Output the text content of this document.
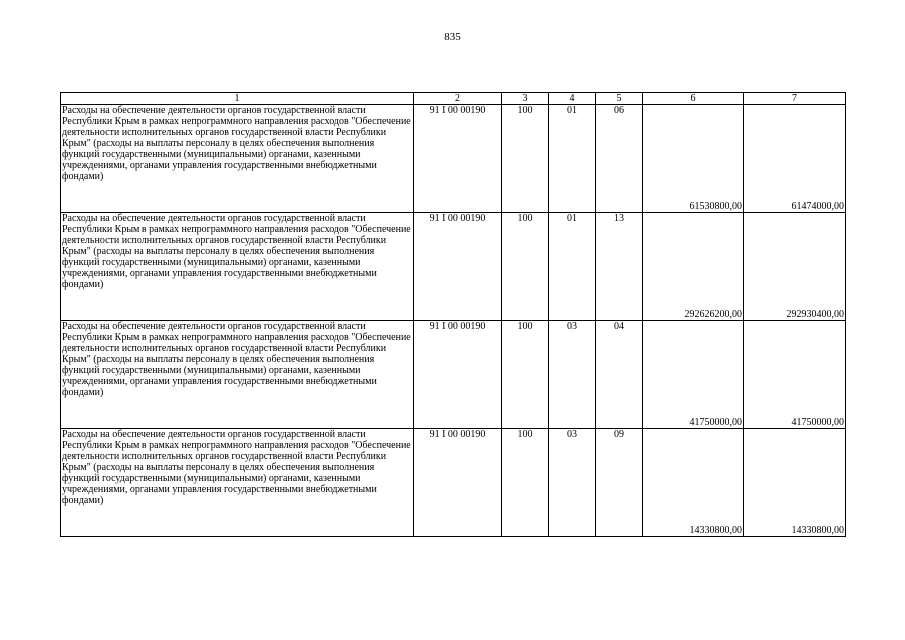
835
1	2	3	4	5	6	7
Расходы на обеспечение деятельности органов государственной власти Республики Крым в рамках непрограммного направления расходов "Обеспечение деятельности исполнительных органов государственной власти Республики Крым" (расходы на выплаты персоналу в целях обеспечения выполнения функций государственными (муниципальными) органами, казенными учреждениями, органами управления государственными внебюджетными фондами)	91 I 00 00190	100	01	06	61530800,00	61474000,00
Расходы на обеспечение деятельности органов государственной власти Республики Крым в рамках непрограммного направления расходов "Обеспечение деятельности исполнительных органов государственной власти Республики Крым" (расходы на выплаты персоналу в целях обеспечения выполнения функций государственными (муниципальными) органами, казенными учреждениями, органами управления государственными внебюджетными фондами)	91 I 00 00190	100	01	13	292626200,00	292930400,00
Расходы на обеспечение деятельности органов государственной власти Республики Крым в рамках непрограммного направления расходов "Обеспечение деятельности исполнительных органов государственной власти Республики Крым" (расходы на выплаты персоналу в целях обеспечения выполнения функций государственными (муниципальными) органами, казенными учреждениями, органами управления государственными внебюджетными фондами)	91 I 00 00190	100	03	04	41750000,00	41750000,00
Расходы на обеспечение деятельности органов государственной власти Республики Крым в рамках непрограммного направления расходов "Обеспечение деятельности исполнительных органов государственной власти Республики Крым" (расходы на выплаты персоналу в целях обеспечения выполнения функций государственными (муниципальными) органами, казенными учреждениями, органами управления государственными внебюджетными фондами)	91 I 00 00190	100	03	09	14330800,00	14330800,00
